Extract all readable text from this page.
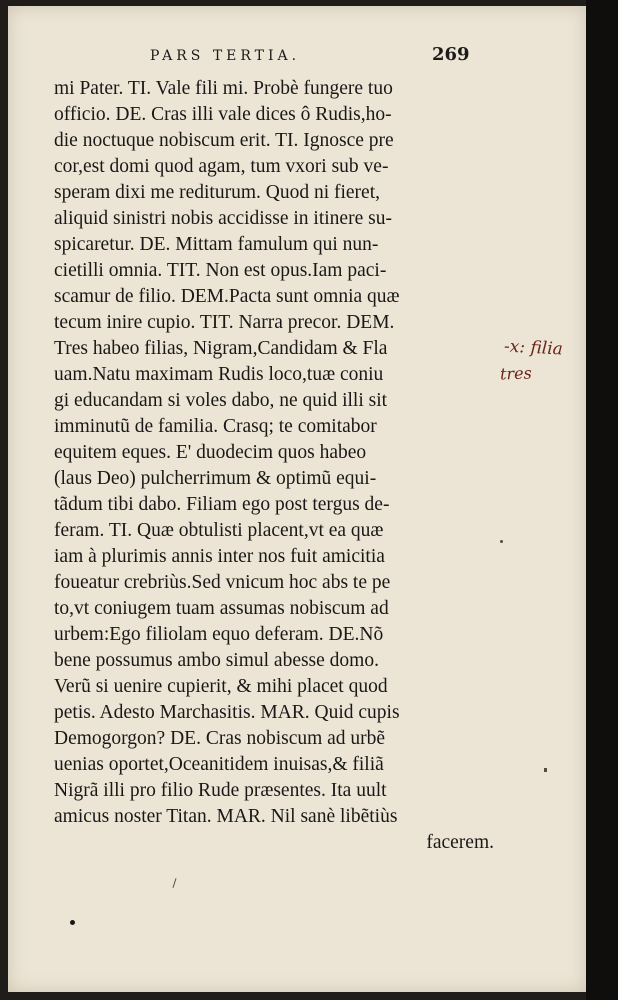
PARS TERTIA.	269
mi Pater. TI. Vale fili mi. Probè fungere tuo
officio. DE. Cras illi vale dices ô Rudis,ho-
die noctuque nobiscum erit. TI. Ignosce pre
cor,est domi quod agam, tum vxori sub ve-
speram dixi me rediturum. Quod ni fieret,
aliquid sinistri nobis accidisse in itinere su-
spicaretur. DE. Mittam famulum qui nun-
cietilli omnia. TIT. Non est opus.Iam paci-
scamur de filio. DEM.Pacta sunt omnia quæ
tecum inire cupio. TIT. Narra precor. DEM.
Tres habeo filias, Nigram,Candidam & Fla
uam.Natu maximam Rudis loco,tuæ coniu
gi educandam si voles dabo, ne quid illi sit
imminutũ de familia. Crasq; te comitabor
equitem eques. E' duodecim quos habeo
(laus Deo) pulcherrimum & optimũ equi-
tãdum tibi dabo. Filiam ego post tergus de-
feram. TI. Quæ obtulisti placent,vt ea quæ
iam à plurimis annis inter nos fuit amicitia
foueatur crebriùs.Sed vnicum hoc abs te pe
to,vt coniugem tuam assumas nobiscum ad
urbem:Ego filiolam equo deferam. DE.Nõ
bene possumus ambo simul abesse domo.
Verũ si uenire cupierit, & mihi placet quod
petis. Adesto Marchasitis. MAR. Quid cupis
Demogorgon? DE. Cras nobiscum ad urbẽ
uenias oportet,Oceanitidem inuisas,& filiã
Nigrã illi pro filio Rude præsentes. Ita uult
amicus noster Titan. MAR. Nil sanè libẽtiùs
facerem.
-x: filia
tres
